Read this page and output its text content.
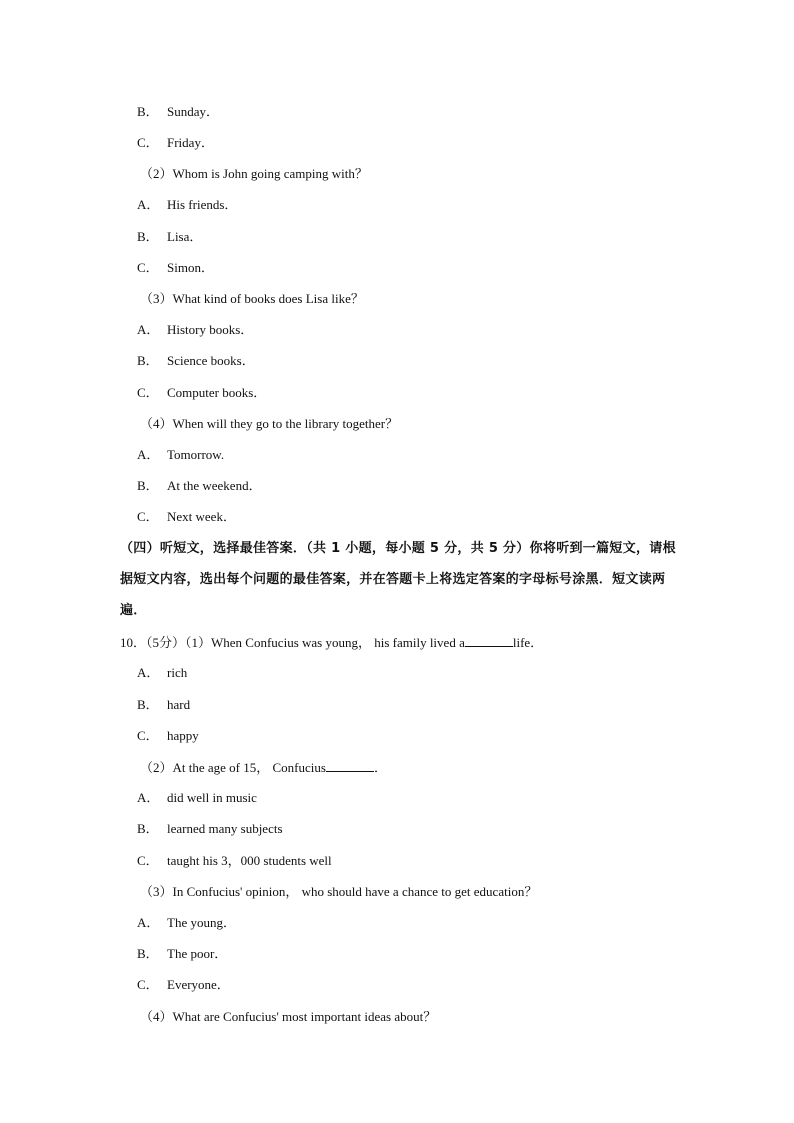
B． Sunday．
C． Friday．
（2）Whom is John going camping with？
A． His friends．
B． Lisa．
C． Simon．
（3）What kind of books does Lisa like？
A． History books．
B． Science books．
C． Computer books．
（4）When will they go to the library together？
A． Tomorrow.
B． At the weekend．
C． Next week．
（四）听短文，选择最佳答案．（共 1 小题，每小题 5 分，共 5 分）你将听到一篇短文，请根据短文内容，选出每个问题的最佳答案，并在答题卡上将选定答案的字母标号涂黑．短文读两遍．
10．（5分）（1）When Confucius was young， his family lived a	life．
A． rich
B． hard
C． happy
（2）At the age of 15， Confucius	．
A． did well in music
B． learned many subjects
C． taught his 3，000 students well
（3）In Confucius' opinion， who should have a chance to get education？
A． The young．
B． The poor．
C． Everyone．
（4）What are Confucius' most important ideas about？
